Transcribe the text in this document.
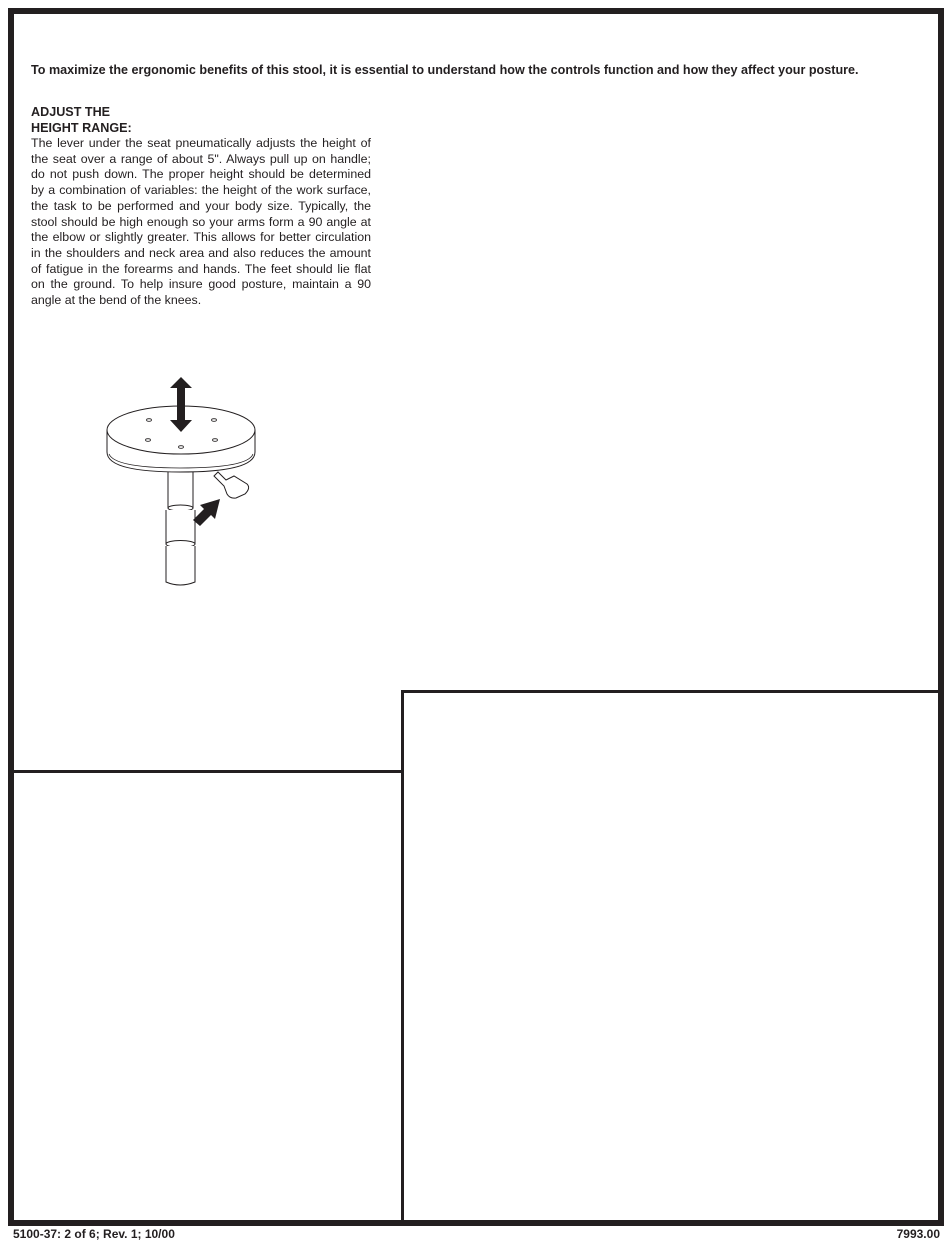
To maximize the ergonomic benefits of this stool, it is essential to understand how the controls function and how they affect your posture.

ADJUST THE
HEIGHT RANGE:

The lever under the seat pneumatically adjusts the height of the seat over a range of about 5". Always pull up on handle; do not push down. The proper height should be determined by a combination of variables: the height of the work surface, the task to be performed and your body size. Typically, the stool should be high enough so your arms form a 90 angle at the elbow or slightly greater. This allows for better circulation in the shoulders and neck area and also reduces the amount of fatigue in the forearms and hands. The feet should lie flat on the ground. To help insure good posture, maintain a 90 angle at the bend of the knees.

5100-37: 2 of 6; Rev. 1; 10/00	7993.00
